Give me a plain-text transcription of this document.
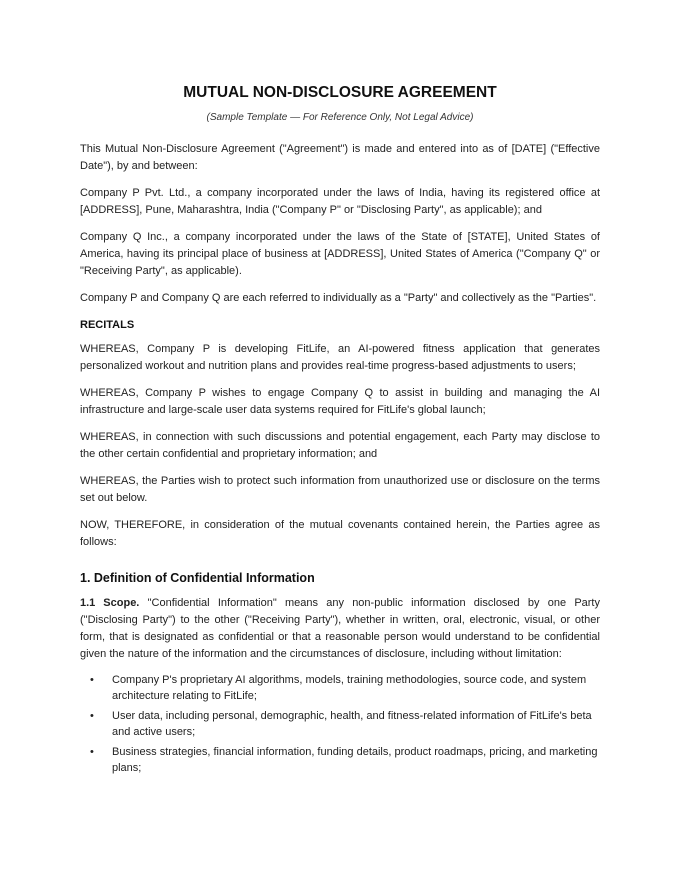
MUTUAL NON-DISCLOSURE AGREEMENT
(Sample Template — For Reference Only, Not Legal Advice)

This Mutual Non-Disclosure Agreement ("Agreement") is made and entered into as of [DATE] ("Effective Date"), by and between:

Company P Pvt. Ltd., a company incorporated under the laws of India, having its registered office at [ADDRESS], Pune, Maharashtra, India ("Company P" or "Disclosing Party", as applicable); and

Company Q Inc., a company incorporated under the laws of the State of [STATE], United States of America, having its principal place of business at [ADDRESS], United States of America ("Company Q" or "Receiving Party", as applicable).

Company P and Company Q are each referred to individually as a "Party" and collectively as the "Parties".

RECITALS

WHEREAS, Company P is developing FitLife, an AI-powered fitness application that generates personalized workout and nutrition plans and provides real-time progress-based adjustments to users;

WHEREAS, Company P wishes to engage Company Q to assist in building and managing the AI infrastructure and large-scale user data systems required for FitLife's global launch;

WHEREAS, in connection with such discussions and potential engagement, each Party may disclose to the other certain confidential and proprietary information; and

WHEREAS, the Parties wish to protect such information from unauthorized use or disclosure on the terms set out below.

NOW, THEREFORE, in consideration of the mutual covenants contained herein, the Parties agree as follows:

1. Definition of Confidential Information

1.1 Scope. "Confidential Information" means any non-public information disclosed by one Party ("Disclosing Party") to the other ("Receiving Party"), whether in written, oral, electronic, visual, or other form, that is designated as confidential or that a reasonable person would understand to be confidential given the nature of the information and the circumstances of disclosure, including without limitation:

• Company P's proprietary AI algorithms, models, training methodologies, source code, and system architecture relating to FitLife;
• User data, including personal, demographic, health, and fitness-related information of FitLife's beta and active users;
• Business strategies, financial information, funding details, product roadmaps, pricing, and marketing plans;
